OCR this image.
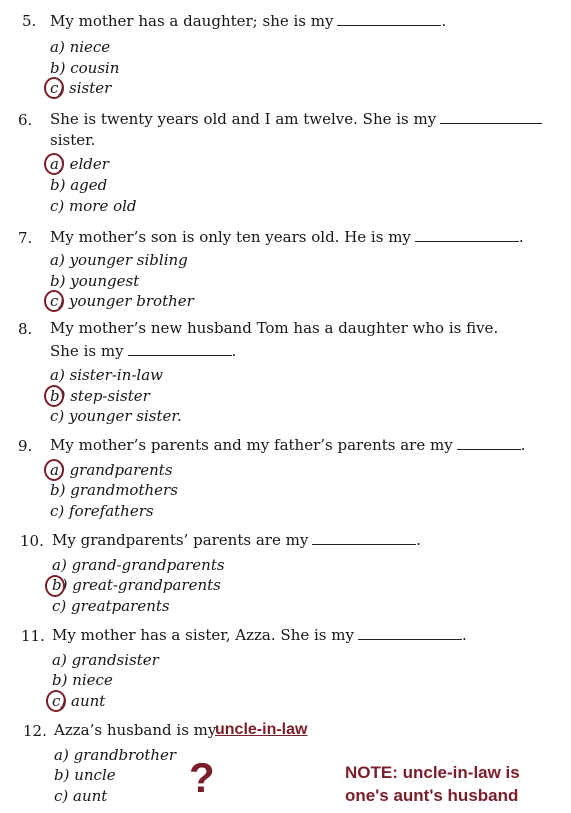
5. My mother has a daughter; she is my	.
a) niece
b) cousin
c) sister
6. She is twenty years old and I am twelve. She is my
sister.
a) elder
b) aged
c) more old
7. My mother’s son is only ten years old. He is my	.
a) younger sibling
b) youngest
c) younger brother
8. My mother’s new husband Tom has a daughter who is five.
She is my	.
a) sister-in-law
b) step-sister
c) younger sister.
9. My mother’s parents and my father’s parents are my	.
a) grandparents
b) grandmothers
c) forefathers
10. My grandparents’ parents are my	.
a) grand-grandparents
b) great-grandparents
c) greatparents
11. My mother has a sister, Azza. She is my	.
a) grandsister
b) niece
c) aunt
12. Azza’s husband is my
uncle-in-law
a) grandbrother
b) uncle
c) aunt ?	NOTE: uncle-in-law is
one's aunt's husband
